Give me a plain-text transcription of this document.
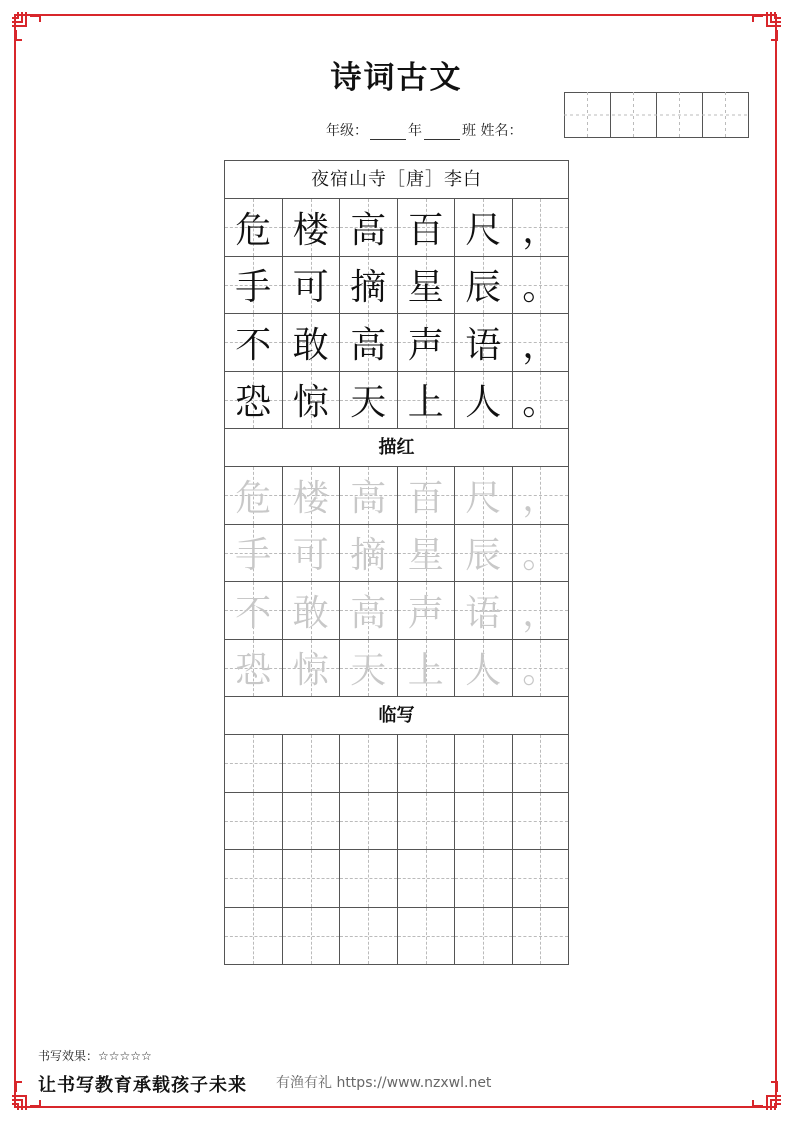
诗词古文
年级：	年	班 姓名：
夜宿山寺［唐］李白
危 楼 高 百 尺 ，
手 可 摘 星 辰 。
不 敢 高 声 语 ，
恐 惊 天 上 人 。
描红
危 楼 高 百 尺 ，
手 可 摘 星 辰 。
不 敢 高 声 语 ，
恐 惊 天 上 人 。
临写
书写效果：☆☆☆☆☆
让书写教育承载孩子未来 有渔有礼 https://www.nzxwl.net
